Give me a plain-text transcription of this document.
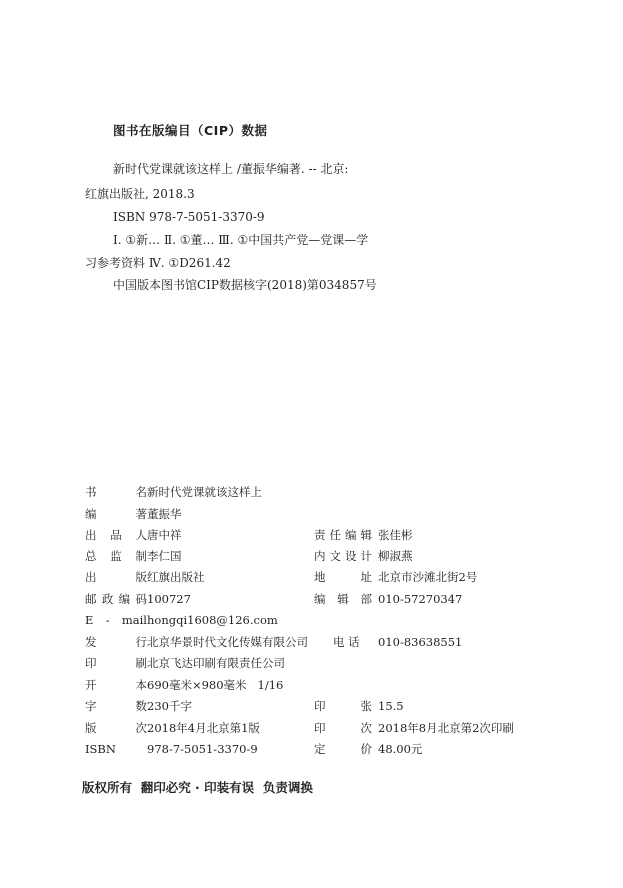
图书在版编目（CIP）数据
新时代党课就该这样上 /董振华编著. -- 北京:
红旗出版社, 2018.3
ISBN 978-7-5051-3370-9
Ⅰ. ①新… Ⅱ. ①董… Ⅲ. ①中国共产党—党课—学
习参考资料 Ⅳ. ①D261.42
中国版本图书馆CIP数据核字(2018)第034857号
书	名 新时代党课就该这样上
编	著 董振华
出 品 人 唐中祥	责 任 编 辑 张佳彬
总 监 制 李仁国	内 文 设 计 柳淑燕
出	版 红旗出版社	地	址 北京市沙滩北街2号
邮 政 编 码 100727	编 辑 部 010-57270347
E - mail hongqi1608@126.com
发	行 北京华景时代文化传媒有限公司 电 话 010-83638551
印	刷 北京飞达印刷有限责任公司
开	本 690毫米×980毫米   1/16
字	数 230千字	印	张 15.5
版	次 2018年4月北京第1版	印	次 2018年8月北京第2次印刷
ISBN	978-7-5051-3370-9	定	价 48.00元
版权所有  翻印必究 · 印装有误  负责调换
